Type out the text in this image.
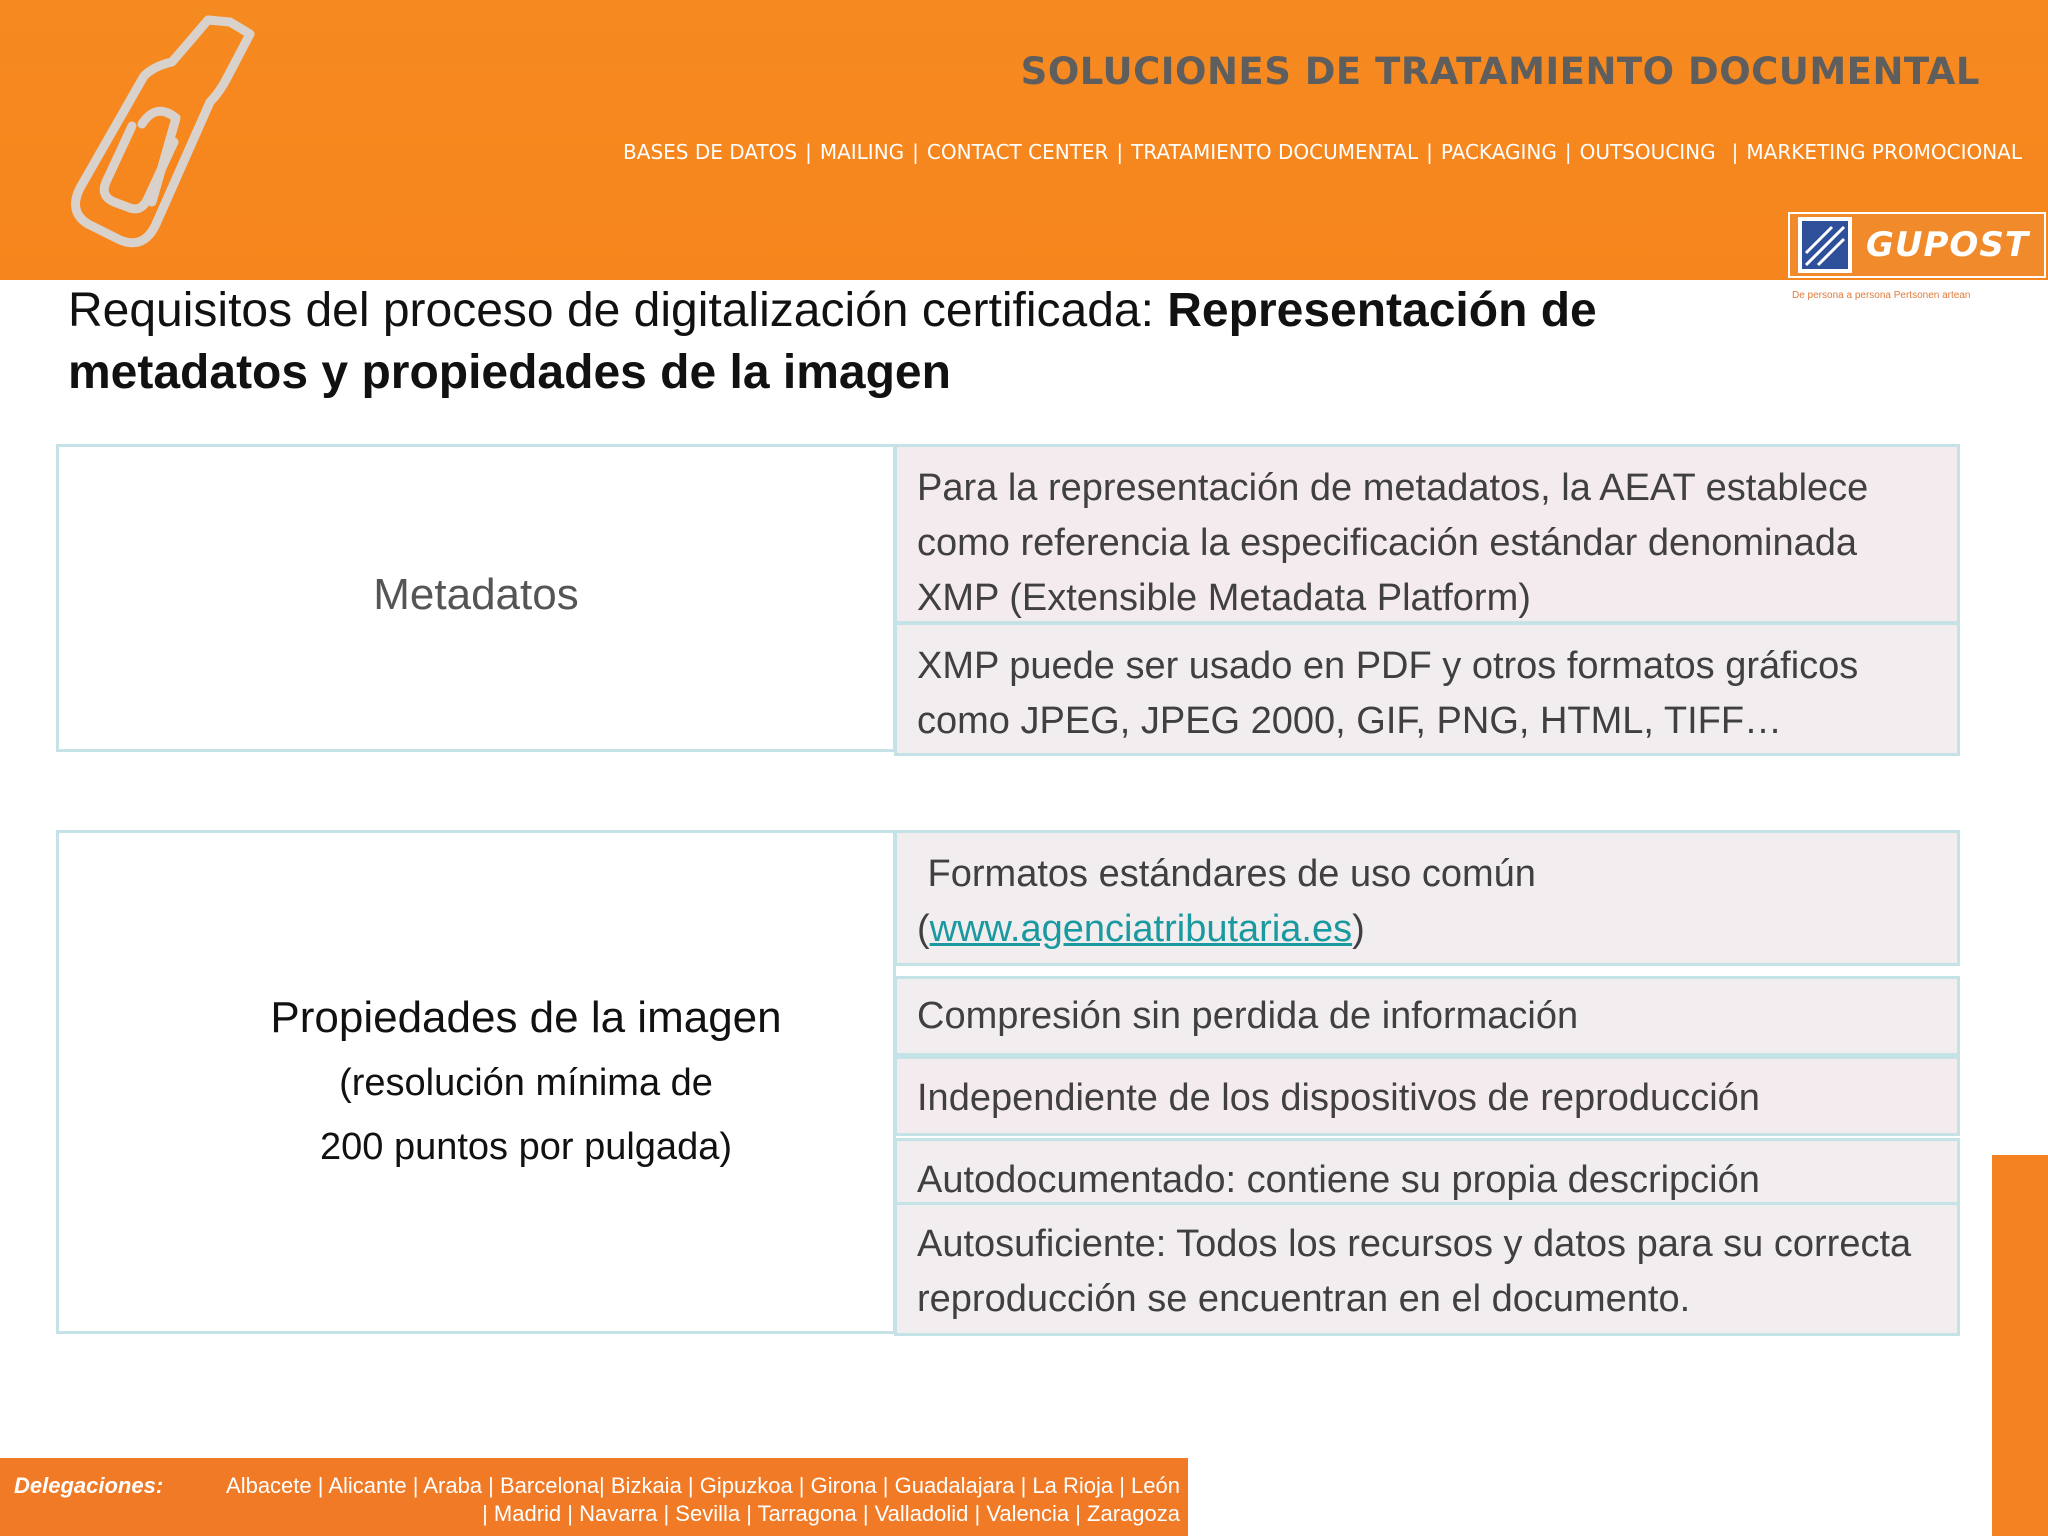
SOLUCIONES DE TRATAMIENTO DOCUMENTAL
BASES DE DATOS | MAILING | CONTACT CENTER | TRATAMIENTO DOCUMENTAL | PACKAGING | OUTSOUCING | MARKETING PROMOCIONAL
GUPOST
De persona a persona Pertsonen artean
Requisitos del proceso de digitalización certificada: Representación de metadatos y propiedades de la imagen
Metadatos
Para la representación de metadatos, la AEAT establece como referencia la especificación estándar denominada XMP (Extensible Metadata Platform)
XMP puede ser usado en PDF y otros formatos gráficos como JPEG, JPEG 2000, GIF, PNG, HTML, TIFF…
Propiedades de la imagen
(resolución mínima de
200 puntos por pulgada)
Formatos estándares de uso común
(www.agenciatributaria.es)
Compresión sin perdida de información
Independiente de los dispositivos de reproducción
Autodocumentado: contiene su propia descripción
Autosuficiente: Todos los recursos y datos para su correcta reproducción se encuentran en el documento.
Delegaciones:	Albacete | Alicante | Araba | Barcelona| Bizkaia | Gipuzkoa | Girona | Guadalajara | La Rioja | León
| Madrid | Navarra | Sevilla | Tarragona | Valladolid | Valencia | Zaragoza
